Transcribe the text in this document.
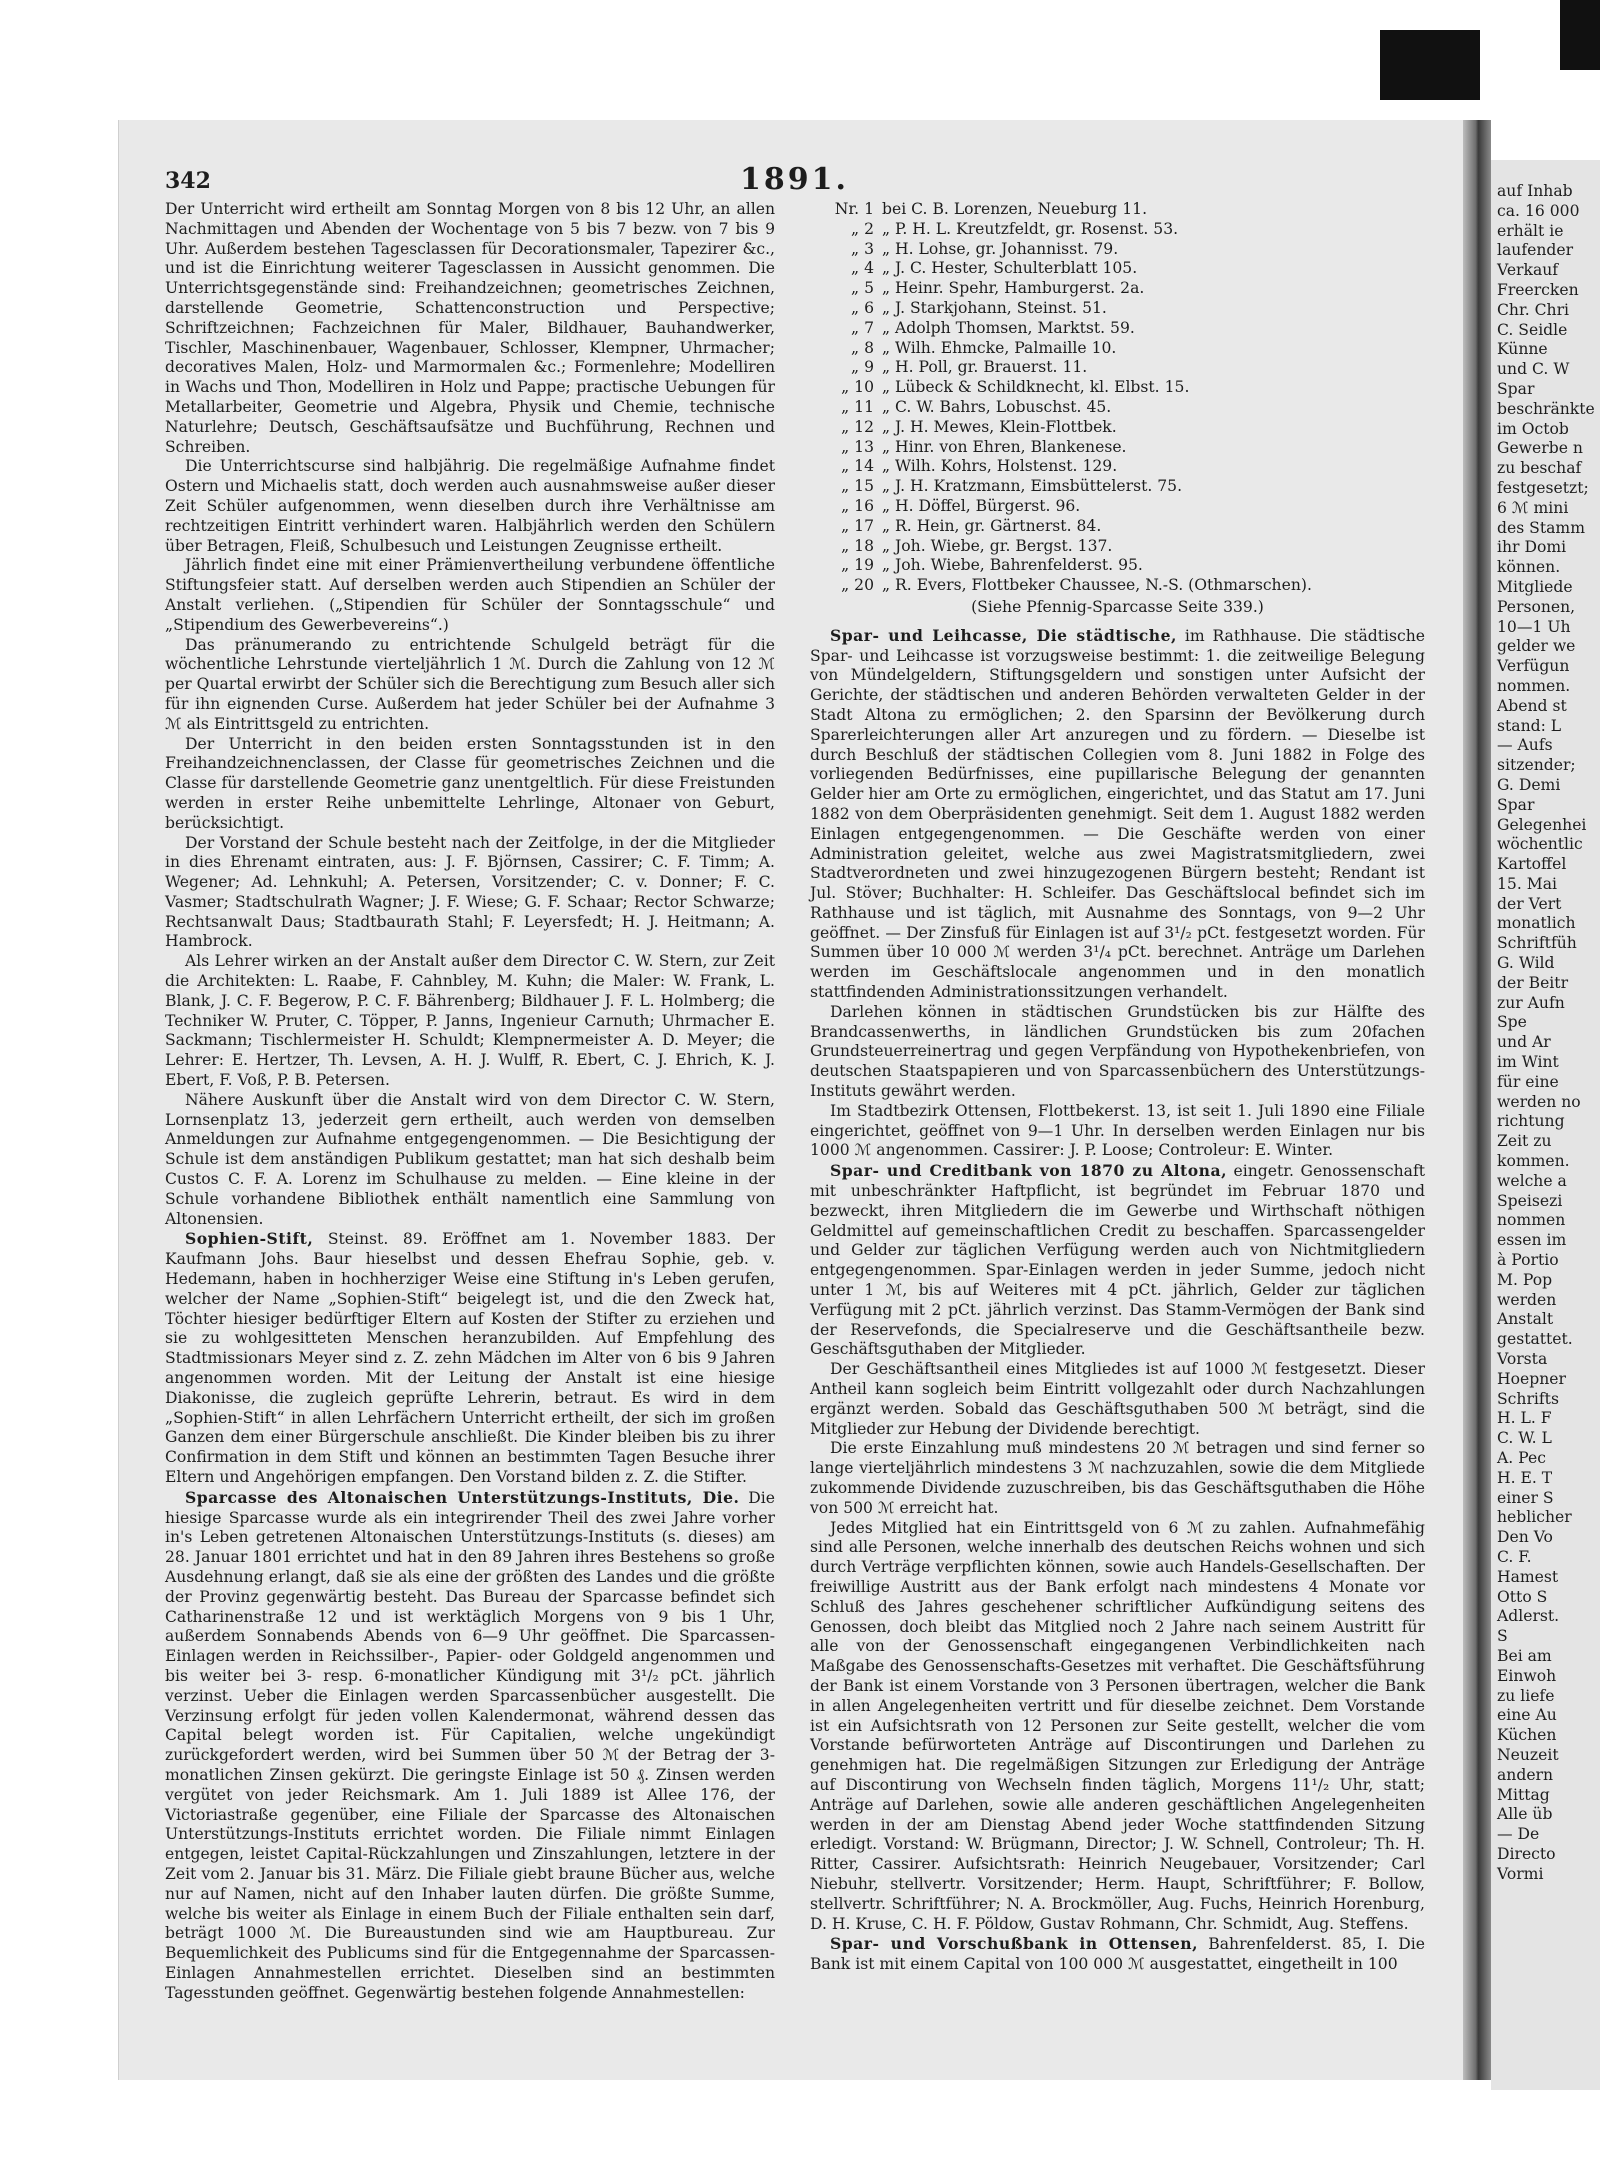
auf Inhab
ca. 16 000
erhält ie
laufender
Verkauf
Freercken
Chr. Chri
C. Seidle
Künne
und C. W
Spar
beschränkte
im Octob
Gewerbe n
zu beschaf
festgesetzt;
6 ℳ mini
des Stamm
ihr Domi
können.
Mitgliede
Personen,
10—1 Uh
gelder we
Verfügun
nommen.
Abend st
stand: L
— Aufs
sitzender;
G. Demi
Spar
Gelegenhei
wöchentlic
Kartoffel
15. Mai
der Vert
monatlich
Schriftfüh
G. Wild
der Beitr
zur Aufn
Spe
und Ar
im Wint
für eine
werden no
richtung
Zeit zu
kommen.
welche a
Speisezi
nommen
essen im
à Portio
M. Pop
werden
Anstalt
gestattet.
Vorsta
Hoepner
Schrifts
H. L. F
C. W. L
A. Pec
H. E. T
einer S
heblicher
Den Vo
C. F.
Hamest
Otto S
Adlerst.
S
Bei am
Einwoh
zu liefe
eine Au
Küchen
Neuzeit
andern
Mittag
Alle üb
— De
Directo
Vormi
342	1891.

Der Unterricht wird ertheilt am Sonntag Morgen von 8 bis 12 Uhr, an allen Nachmittagen und Abenden der Wochentage von 5 bis 7 bezw. von 7 bis 9 Uhr. Außerdem bestehen Tagesclassen für Decorationsmaler, Tapezirer &c., und ist die Einrichtung weiterer Tagesclassen in Aussicht genommen. Die Unterrichtsgegenstände sind: Freihandzeichnen; geometrisches Zeichnen, darstellende Geometrie, Schattenconstruction und Perspective; Schriftzeichnen; Fachzeichnen für Maler, Bildhauer, Bauhandwerker, Tischler, Maschinenbauer, Wagenbauer, Schlosser, Klempner, Uhrmacher; decoratives Malen, Holz- und Marmormalen &c.; Formenlehre; Modelliren in Wachs und Thon, Modelliren in Holz und Pappe; practische Uebungen für Metallarbeiter, Geometrie und Algebra, Physik und Chemie, technische Naturlehre; Deutsch, Geschäftsaufsätze und Buchführung, Rechnen und Schreiben.

Die Unterrichtscurse sind halbjährig. Die regelmäßige Aufnahme findet Ostern und Michaelis statt, doch werden auch ausnahmsweise außer dieser Zeit Schüler aufgenommen, wenn dieselben durch ihre Verhältnisse am rechtzeitigen Eintritt verhindert waren. Halbjährlich werden den Schülern über Betragen, Fleiß, Schulbesuch und Leistungen Zeugnisse ertheilt.

Jährlich findet eine mit einer Prämienvertheilung verbundene öffentliche Stiftungsfeier statt. Auf derselben werden auch Stipendien an Schüler der Anstalt verliehen. („Stipendien für Schüler der Sonntagsschule“ und „Stipendium des Gewerbevereins“.)

Das pränumerando zu entrichtende Schulgeld beträgt für die wöchentliche Lehrstunde vierteljährlich 1 ℳ. Durch die Zahlung von 12 ℳ per Quartal erwirbt der Schüler sich die Berechtigung zum Besuch aller sich für ihn eignenden Curse. Außerdem hat jeder Schüler bei der Aufnahme 3 ℳ als Eintrittsgeld zu entrichten.

Der Unterricht in den beiden ersten Sonntagsstunden ist in den Freihandzeichnenclassen, der Classe für geometrisches Zeichnen und die Classe für darstellende Geometrie ganz unentgeltlich. Für diese Freistunden werden in erster Reihe unbemittelte Lehrlinge, Altonaer von Geburt, berücksichtigt.

Der Vorstand der Schule besteht nach der Zeitfolge, in der die Mitglieder in dies Ehrenamt eintraten, aus: J. F. Björnsen, Cassirer; C. F. Timm; A. Wegener; Ad. Lehnkuhl; A. Petersen, Vorsitzender; C. v. Donner; F. C. Vasmer; Stadtschulrath Wagner; J. F. Wiese; G. F. Schaar; Rector Schwarze; Rechtsanwalt Daus; Stadtbaurath Stahl; F. Leyersfedt; H. J. Heitmann; A. Hambrock.

Als Lehrer wirken an der Anstalt außer dem Director C. W. Stern, zur Zeit die Architekten: L. Raabe, F. Cahnbley, M. Kuhn; die Maler: W. Frank, L. Blank, J. C. F. Begerow, P. C. F. Bährenberg; Bildhauer J. F. L. Holmberg; die Techniker W. Pruter, C. Töpper, P. Janns, Ingenieur Carnuth; Uhrmacher E. Sackmann; Tischlermeister H. Schuldt; Klempnermeister A. D. Meyer; die Lehrer: E. Hertzer, Th. Levsen, A. H. J. Wulff, R. Ebert, C. J. Ehrich, K. J. Ebert, F. Voß, P. B. Petersen.

Nähere Auskunft über die Anstalt wird von dem Director C. W. Stern, Lornsenplatz 13, jederzeit gern ertheilt, auch werden von demselben Anmeldungen zur Aufnahme entgegengenommen. — Die Besichtigung der Schule ist dem anständigen Publikum gestattet; man hat sich deshalb beim Custos C. F. A. Lorenz im Schulhause zu melden. — Eine kleine in der Schule vorhandene Bibliothek enthält namentlich eine Sammlung von Altonensien.

Sophien-Stift, Steinst. 89. Eröffnet am 1. November 1883. Der Kaufmann Johs. Baur hieselbst und dessen Ehefrau Sophie, geb. v. Hedemann, haben in hochherziger Weise eine Stiftung in's Leben gerufen, welcher der Name „Sophien-Stift“ beigelegt ist, und die den Zweck hat, Töchter hiesiger bedürftiger Eltern auf Kosten der Stifter zu erziehen und sie zu wohlgesitteten Menschen heranzubilden. Auf Empfehlung des Stadtmissionars Meyer sind z. Z. zehn Mädchen im Alter von 6 bis 9 Jahren angenommen worden. Mit der Leitung der Anstalt ist eine hiesige Diakonisse, die zugleich geprüfte Lehrerin, betraut. Es wird in dem „Sophien-Stift“ in allen Lehrfächern Unterricht ertheilt, der sich im großen Ganzen dem einer Bürgerschule anschließt. Die Kinder bleiben bis zu ihrer Confirmation in dem Stift und können an bestimmten Tagen Besuche ihrer Eltern und Angehörigen empfangen. Den Vorstand bilden z. Z. die Stifter.

Sparcasse des Altonaischen Unterstützungs-Instituts, Die. Die hiesige Sparcasse wurde als ein integrirender Theil des zwei Jahre vorher in's Leben getretenen Altonaischen Unterstützungs-Instituts (s. dieses) am 28. Januar 1801 errichtet und hat in den 89 Jahren ihres Bestehens so große Ausdehnung erlangt, daß sie als eine der größten des Landes und die größte der Provinz gegenwärtig besteht. Das Bureau der Sparcasse befindet sich Catharinenstraße 12 und ist werktäglich Morgens von 9 bis 1 Uhr, außerdem Sonnabends Abends von 6—9 Uhr geöffnet. Die Sparcassen-Einlagen werden in Reichssilber-, Papier- oder Goldgeld angenommen und bis weiter bei 3- resp. 6-monatlicher Kündigung mit 3¹/₂ pCt. jährlich verzinst. Ueber die Einlagen werden Sparcassenbücher ausgestellt. Die Verzinsung erfolgt für jeden vollen Kalendermonat, während dessen das Capital belegt worden ist. Für Capitalien, welche ungekündigt zurückgefordert werden, wird bei Summen über 50 ℳ der Betrag der 3-monatlichen Zinsen gekürzt. Die geringste Einlage ist 50 ₰. Zinsen werden vergütet von jeder Reichsmark. Am 1. Juli 1889 ist Allee 176, der Victoriastraße gegenüber, eine Filiale der Sparcasse des Altonaischen Unterstützungs-Instituts errichtet worden. Die Filiale nimmt Einlagen entgegen, leistet Capital-Rückzahlungen und Zinszahlungen, letztere in der Zeit vom 2. Januar bis 31. März. Die Filiale giebt braune Bücher aus, welche nur auf Namen, nicht auf den Inhaber lauten dürfen. Die größte Summe, welche bis weiter als Einlage in einem Buch der Filiale enthalten sein darf, beträgt 1000 ℳ. Die Bureaustunden sind wie am Hauptbureau. Zur Bequemlichkeit des Publicums sind für die Entgegennahme der Sparcassen-Einlagen Annahmestellen errichtet. Dieselben sind an bestimmten Tagesstunden geöffnet. Gegenwärtig bestehen folgende Annahmestellen:

Nr. 1 bei C. B. Lorenzen, Neueburg 11.
„ 2 „ P. H. L. Kreutzfeldt, gr. Rosenst. 53.
„ 3 „ H. Lohse, gr. Johannisst. 79.
„ 4 „ J. C. Hester, Schulterblatt 105.
„ 5 „ Heinr. Spehr, Hamburgerst. 2a.
„ 6 „ J. Starkjohann, Steinst. 51.
„ 7 „ Adolph Thomsen, Marktst. 59.
„ 8 „ Wilh. Ehmcke, Palmaille 10.
„ 9 „ H. Poll, gr. Brauerst. 11.
„ 10 „ Lübeck & Schildknecht, kl. Elbst. 15.
„ 11 „ C. W. Bahrs, Lobuschst. 45.
„ 12 „ J. H. Mewes, Klein-Flottbek.
„ 13 „ Hinr. von Ehren, Blankenese.
„ 14 „ Wilh. Kohrs, Holstenst. 129.
„ 15 „ J. H. Kratzmann, Eimsbüttelerst. 75.
„ 16 „ H. Döffel, Bürgerst. 96.
„ 17 „ R. Hein, gr. Gärtnerst. 84.
„ 18 „ Joh. Wiebe, gr. Bergst. 137.
„ 19 „ Joh. Wiebe, Bahrenfelderst. 95.
„ 20 „ R. Evers, Flottbeker Chaussee, N.-S. (Othmarschen).
(Siehe Pfennig-Sparcasse Seite 339.)

Spar- und Leihcasse, Die städtische, im Rathhause. Die städtische Spar- und Leihcasse ist vorzugsweise bestimmt: 1. die zeitweilige Belegung von Mündelgeldern, Stiftungsgeldern und sonstigen unter Aufsicht der Gerichte, der städtischen und anderen Behörden verwalteten Gelder in der Stadt Altona zu ermöglichen; 2. den Sparsinn der Bevölkerung durch Sparerleichterungen aller Art anzuregen und zu fördern. — Dieselbe ist durch Beschluß der städtischen Collegien vom 8. Juni 1882 in Folge des vorliegenden Bedürfnisses, eine pupillarische Belegung der genannten Gelder hier am Orte zu ermöglichen, eingerichtet, und das Statut am 17. Juni 1882 von dem Oberpräsidenten genehmigt. Seit dem 1. August 1882 werden Einlagen entgegengenommen. — Die Geschäfte werden von einer Administration geleitet, welche aus zwei Magistratsmitgliedern, zwei Stadtverordneten und zwei hinzugezogenen Bürgern besteht; Rendant ist Jul. Stöver; Buchhalter: H. Schleifer. Das Geschäftslocal befindet sich im Rathhause und ist täglich, mit Ausnahme des Sonntags, von 9—2 Uhr geöffnet. — Der Zinsfuß für Einlagen ist auf 3¹/₂ pCt. festgesetzt worden. Für Summen über 10 000 ℳ werden 3¹/₄ pCt. berechnet. Anträge um Darlehen werden im Geschäftslocale angenommen und in den monatlich stattfindenden Administrationssitzungen verhandelt.

Darlehen können in städtischen Grundstücken bis zur Hälfte des Brandcassenwerths, in ländlichen Grundstücken bis zum 20fachen Grundsteuerreinertrag und gegen Verpfändung von Hypothekenbriefen, von deutschen Staatspapieren und von Sparcassenbüchern des Unterstützungs-Instituts gewährt werden.

Im Stadtbezirk Ottensen, Flottbekerst. 13, ist seit 1. Juli 1890 eine Filiale eingerichtet, geöffnet von 9—1 Uhr. In derselben werden Einlagen nur bis 1000 ℳ angenommen. Cassirer: J. P. Loose; Controleur: E. Winter.

Spar- und Creditbank von 1870 zu Altona, eingetr. Genossenschaft mit unbeschränkter Haftpflicht, ist begründet im Februar 1870 und bezweckt, ihren Mitgliedern die im Gewerbe und Wirthschaft nöthigen Geldmittel auf gemeinschaftlichen Credit zu beschaffen. Sparcassengelder und Gelder zur täglichen Verfügung werden auch von Nichtmitgliedern entgegengenommen. Spar-Einlagen werden in jeder Summe, jedoch nicht unter 1 ℳ, bis auf Weiteres mit 4 pCt. jährlich, Gelder zur täglichen Verfügung mit 2 pCt. jährlich verzinst. Das Stamm-Vermögen der Bank sind der Reservefonds, die Specialreserve und die Geschäftsantheile bezw. Geschäftsguthaben der Mitglieder.

Der Geschäftsantheil eines Mitgliedes ist auf 1000 ℳ festgesetzt. Dieser Antheil kann sogleich beim Eintritt vollgezahlt oder durch Nachzahlungen ergänzt werden. Sobald das Geschäftsguthaben 500 ℳ beträgt, sind die Mitglieder zur Hebung der Dividende berechtigt.

Die erste Einzahlung muß mindestens 20 ℳ betragen und sind ferner so lange vierteljährlich mindestens 3 ℳ nachzuzahlen, sowie die dem Mitgliede zukommende Dividende zuzuschreiben, bis das Geschäftsguthaben die Höhe von 500 ℳ erreicht hat.

Jedes Mitglied hat ein Eintrittsgeld von 6 ℳ zu zahlen. Aufnahmefähig sind alle Personen, welche innerhalb des deutschen Reichs wohnen und sich durch Verträge verpflichten können, sowie auch Handels-Gesellschaften. Der freiwillige Austritt aus der Bank erfolgt nach mindestens 4 Monate vor Schluß des Jahres geschehener schriftlicher Aufkündigung seitens des Genossen, doch bleibt das Mitglied noch 2 Jahre nach seinem Austritt für alle von der Genossenschaft eingegangenen Verbindlichkeiten nach Maßgabe des Genossenschafts-Gesetzes mit verhaftet. Die Geschäftsführung der Bank ist einem Vorstande von 3 Personen übertragen, welcher die Bank in allen Angelegenheiten vertritt und für dieselbe zeichnet. Dem Vorstande ist ein Aufsichtsrath von 12 Personen zur Seite gestellt, welcher die vom Vorstande befürworteten Anträge auf Discontirungen und Darlehen zu genehmigen hat. Die regelmäßigen Sitzungen zur Erledigung der Anträge auf Discontirung von Wechseln finden täglich, Morgens 11¹/₂ Uhr, statt; Anträge auf Darlehen, sowie alle anderen geschäftlichen Angelegenheiten werden in der am Dienstag Abend jeder Woche stattfindenden Sitzung erledigt. Vorstand: W. Brügmann, Director; J. W. Schnell, Controleur; Th. H. Ritter, Cassirer. Aufsichtsrath: Heinrich Neugebauer, Vorsitzender; Carl Niebuhr, stellvertr. Vorsitzender; Herm. Haupt, Schriftführer; F. Bollow, stellvertr. Schriftführer; N. A. Brockmöller, Aug. Fuchs, Heinrich Horenburg, D. H. Kruse, C. H. F. Pöldow, Gustav Rohmann, Chr. Schmidt, Aug. Steffens.

Spar- und Vorschußbank in Ottensen, Bahrenfelderst. 85, I. Die Bank ist mit einem Capital von 100 000 ℳ ausgestattet, eingetheilt in 100
